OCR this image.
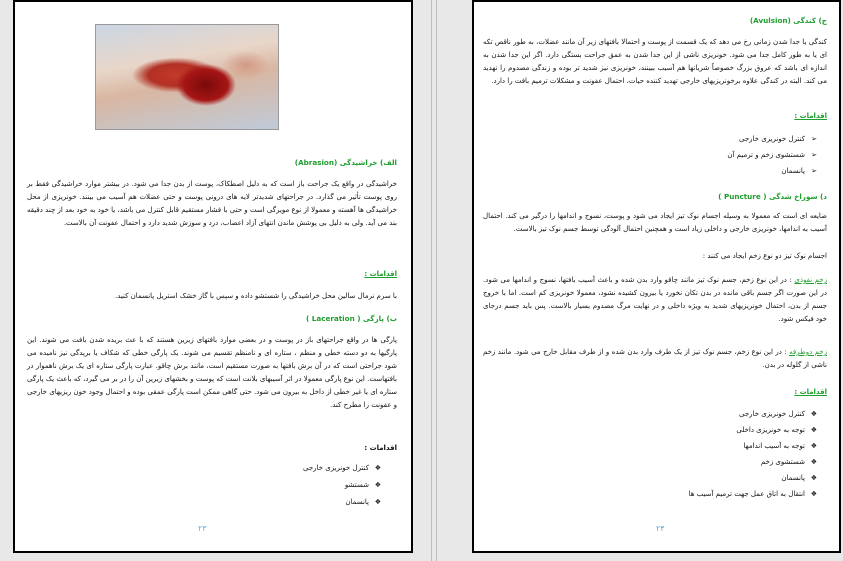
الف) خراشیدگی (Abrasion)
خراشیدگی در واقع یک جراحت باز است که به دلیل اصطکاک، پوست از بدن جدا می شود. در بیشتر موارد خراشیدگی فقط بر روی پوست تأثیر می گذارد. در جراحتهای شدیدتر لایه های درونی پوست و حتی عضلات هم آسیب می بینند. خونریزی از محل خراشیدگی ها آهسته و معمولا از نوع مویرگی است و حتی با فشار مستقیم قابل کنترل می باشد، یا خود به خود بعد از چند دقیقه بند می آید. ولی به دلیل بی پوشش ماندن انتهای آزاد اعصاب، درد و سوزش شدید دارد و احتمال عفونت آن بالاست.
اقدامات :
با سرم نرمال سالین محل خراشیدگی را شستشو داده و سپس با گاز خشک استریل پانسمان کنید.
ب) پارگی ( Laceration )
پارگی ها در واقع جراحتهای باز در پوست و در بعضی موارد بافتهای زیرین هستند که با عث بریده شدن بافت می شوند. این پارگیها به دو دسته خطی و منظم ، ستاره ای و نامنظم تقسیم می شوند. یک پارگی خطی که شکاف یا بریدگی نیز نامیده می شود جراحتی است که در آن برش بافتها به صورت مستقیم است، مانند برش چاقو. عبارت پارگی ستاره ای یک برش ناهموار در بافتهاست. این نوع پارگی معمولا در اثر آسیبهای بلانت است که پوست و بخشهای زیرین آن را در بر می گیرد، که باعث یک پارگی ستاره ای یا غیر خطی از داخل به بیرون می شود. حتی گاهی ممکن است پارگی عمقی بوده و احتمال وجود خون ریزیهای خارجی و عفونت را مطرح کند.
اقدامات :
❖
کنترل خونریزی خارجی
❖
شستشو
❖
پانسمان
۲۳
ج) کندگی (Avulsion)
کندگی یا جدا شدن زمانی رخ می دهد که یک قسمت از پوست و احتمالا بافتهای زیر آن مانند عضلات، به طور ناقص تکه ای یا به طور کامل جدا می شود. خونریزی ناشی از این جدا شدن به عمق جراحت بستگی دارد. اگر این جدا شدن به اندازه ای باشد که عروق بزرگ خصوصاً شریانها هم آسیب ببینند، خونریزی نیز شدید تر بوده و زندگی مصدوم را تهدید می کند. البته در کندگی علاوه برخونریزیهای خارجی تهدید کننده حیات، احتمال عفونت و مشکلات ترمیم بافت را دارد.
اقدامات :
➢
کنترل خونریزی خارجی
➢
شستشوی زخم و ترمیم آن
➢
پانسمان
د) سوراخ شدگی ( Puncture )
ضایعه ای است که معمولا به وسیله اجسام نوک تیز ایجاد می شود و پوست، نسوج و اندامها را درگیر می کند. احتمال آسیب به اندامها، خونریزی خارجی و داخلی زیاد است و همچنین احتمال آلودگی توسط جسم نوک تیز بالاست.
اجسام نوک تیز دو نوع زخم ایجاد می کنند :
زخم نفوذی : در این نوع زخم، جسم نوک تیز مانند چاقو وارد بدن شده و باعث آسیب بافتها، نسوج و اندامها می شود. در این صورت اگر جسم باقی مانده در بدن تکان نخورد یا بیرون کشیده نشود، معمولا خونریزی کم است. اما با خروج جسم از بدن، احتمال خونریزیهای شدید به ویژه داخلی و در نهایت مرگ مصدوم بسیار بالاست. پس باید جسم درجای خود فیکس شود.
زخم دوطرفه : در این نوع زخم، جسم نوک تیز از یک طرف وارد بدن شده و از طرف مقابل خارج می شود. مانند زخم ناشی از گلوله در بدن.
اقدامات :
❖
کنترل خونریزی خارجی
❖
توجه به خونریزی داخلی
❖
توجه به آسیب اندامها
❖
شستشوی زخم
❖
پانسمان
❖
انتقال به اتاق عمل جهت ترمیم آسیب ها
۲۴
